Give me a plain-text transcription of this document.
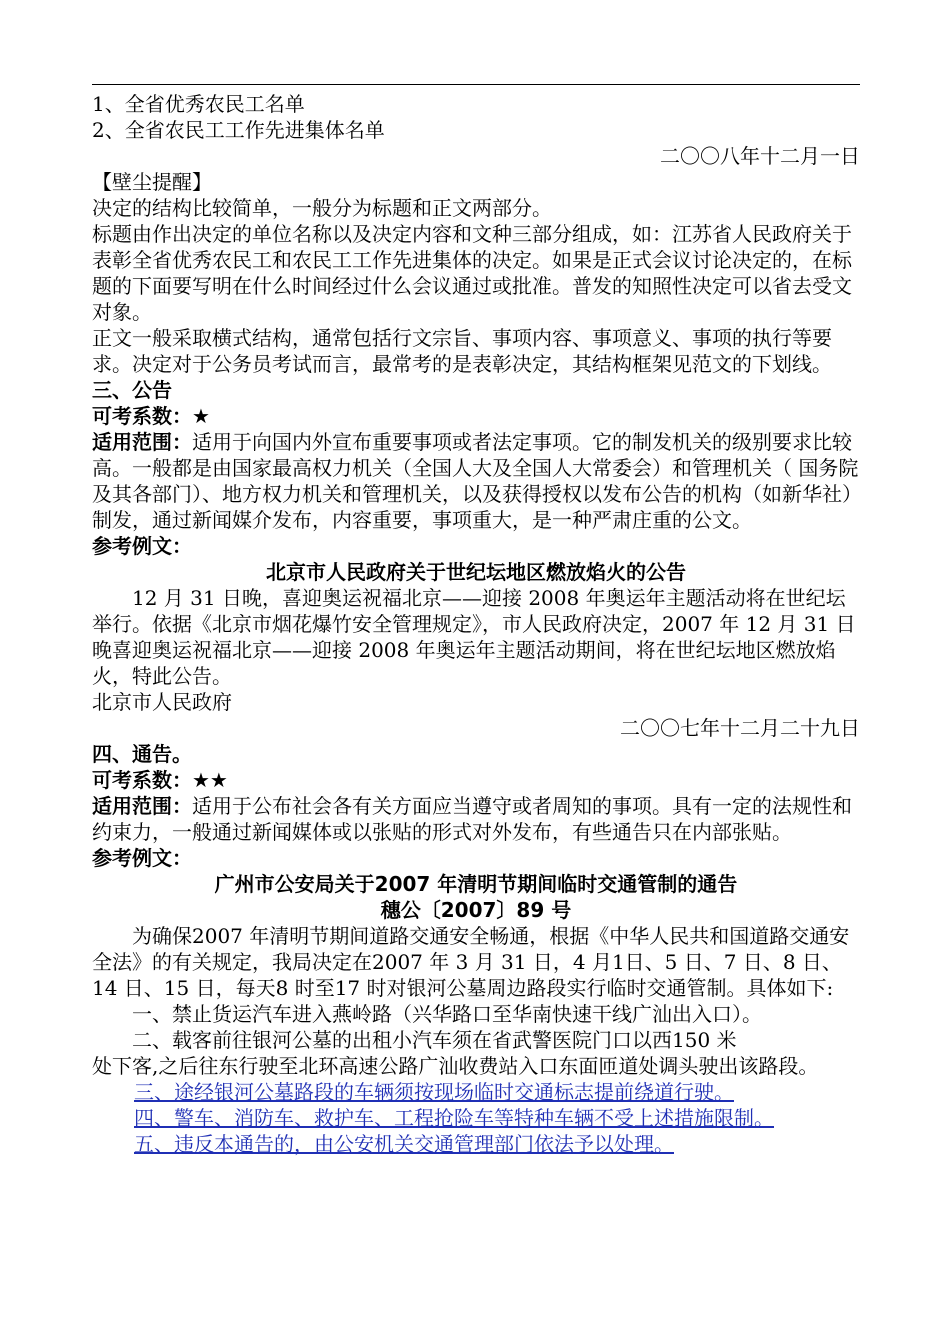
1、全省优秀农民工名单

2、全省农民工工作先进集体名单

二〇〇八年十二月一日

【壁尘提醒】

决定的结构比较简单，一般分为标题和正文两部分。

标题由作出决定的单位名称以及决定内容和文种三部分组成，如：江苏省人民政府关于表彰全省优秀农民工和农民工工作先进集体的决定。如果是正式会议讨论决定的，在标题的下面要写明在什么时间经过什么会议通过或批准。普发的知照性决定可以省去受文对象。

正文一般采取横式结构，通常包括行文宗旨、事项内容、事项意义、事项的执行等要求。决定对于公务员考试而言，最常考的是表彰决定，其结构框架见范文的下划线。

三、公告

可考系数：★

适用范围：适用于向国内外宣布重要事项或者法定事项。它的制发机关的级别要求比较高。一般都是由国家最高权力机关（全国人大及全国人大常委会）和管理机关（ 国务院及其各部门）、地方权力机关和管理机关，以及获得授权以发布公告的机构（如新华社）制发，通过新闻媒介发布，内容重要，事项重大，是一种严肃庄重的公文。

参考例文：

北京市人民政府关于世纪坛地区燃放焰火的公告

12 月 31 日晚，喜迎奥运祝福北京——迎接 2008 年奥运年主题活动将在世纪坛举行。依据《北京市烟花爆竹安全管理规定》，市人民政府决定，2007 年 12 月 31 日晚喜迎奥运祝福北京——迎接 2008 年奥运年主题活动期间，将在世纪坛地区燃放焰火，特此公告。

北京市人民政府

二〇〇七年十二月二十九日

四、通告。

可考系数：★★

适用范围：适用于公布社会各有关方面应当遵守或者周知的事项。具有一定的法规性和约束力，一般通过新闻媒体或以张贴的形式对外发布，有些通告只在内部张贴。

参考例文：

广州市公安局关于2007 年清明节期间临时交通管制的通告

穗公〔2007〕89 号

为确保2007 年清明节期间道路交通安全畅通，根据《中华人民共和国道路交通安全法》的有关规定，我局决定在2007 年 3 月 31 日，4 月1日、5 日、7 日、8 日、14 日、15 日，每天8 时至17 时对银河公墓周边路段实行临时交通管制。具体如下:

一、禁止货运汽车进入燕岭路（兴华路口至华南快速干线广汕出入口）。

二、载客前往银河公墓的出租小汽车须在省武警医院门口以西150 米

处下客,之后往东行驶至北环高速公路广汕收费站入口东面匝道处调头驶出该路段。

三、途经银河公墓路段的车辆须按现场临时交通标志提前绕道行驶。

四、警车、消防车、救护车、工程抢险车等特种车辆不受上述措施限制。

五、违反本通告的，由公安机关交通管理部门依法予以处理。
